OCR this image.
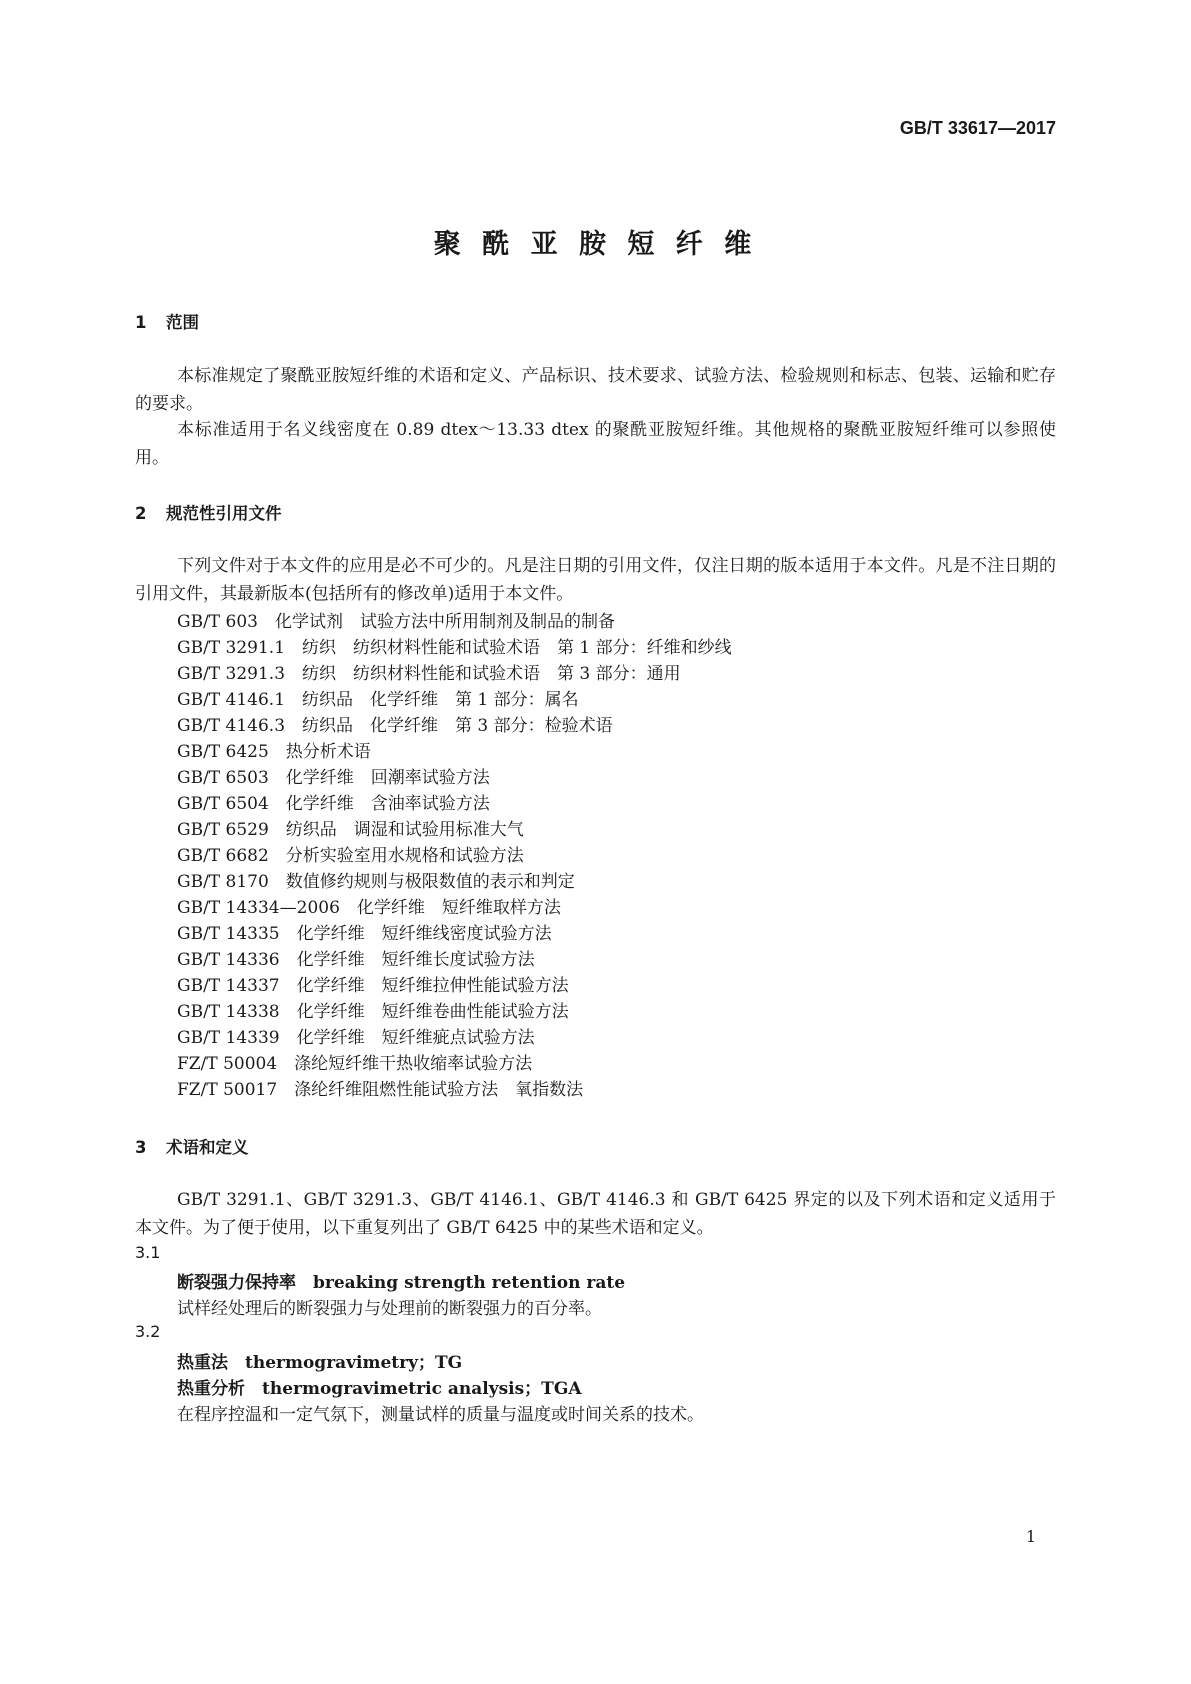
GB/T 33617—2017
聚 酰 亚 胺 短 纤 维
1 范围
本标准规定了聚酰亚胺短纤维的术语和定义、产品标识、技术要求、试验方法、检验规则和标志、包装、运输和贮存的要求。
本标准适用于名义线密度在 0.89 dtex～13.33 dtex 的聚酰亚胺短纤维。其他规格的聚酰亚胺短纤维可以参照使用。
2 规范性引用文件
下列文件对于本文件的应用是必不可少的。凡是注日期的引用文件，仅注日期的版本适用于本文件。凡是不注日期的引用文件，其最新版本(包括所有的修改单)适用于本文件。
GB/T 603　化学试剂　试验方法中所用制剂及制品的制备
GB/T 3291.1　纺织　纺织材料性能和试验术语　第 1 部分：纤维和纱线
GB/T 3291.3　纺织　纺织材料性能和试验术语　第 3 部分：通用
GB/T 4146.1　纺织品　化学纤维　第 1 部分：属名
GB/T 4146.3　纺织品　化学纤维　第 3 部分：检验术语
GB/T 6425　热分析术语
GB/T 6503　化学纤维　回潮率试验方法
GB/T 6504　化学纤维　含油率试验方法
GB/T 6529　纺织品　调湿和试验用标准大气
GB/T 6682　分析实验室用水规格和试验方法
GB/T 8170　数值修约规则与极限数值的表示和判定
GB/T 14334—2006　化学纤维　短纤维取样方法
GB/T 14335　化学纤维　短纤维线密度试验方法
GB/T 14336　化学纤维　短纤维长度试验方法
GB/T 14337　化学纤维　短纤维拉伸性能试验方法
GB/T 14338　化学纤维　短纤维卷曲性能试验方法
GB/T 14339　化学纤维　短纤维疵点试验方法
FZ/T 50004　涤纶短纤维干热收缩率试验方法
FZ/T 50017　涤纶纤维阻燃性能试验方法　氧指数法
3 术语和定义
GB/T 3291.1、GB/T 3291.3、GB/T 4146.1、GB/T 4146.3 和 GB/T 6425 界定的以及下列术语和定义适用于本文件。为了便于使用，以下重复列出了 GB/T 6425 中的某些术语和定义。
3.1
断裂强力保持率　breaking strength retention rate
试样经处理后的断裂强力与处理前的断裂强力的百分率。
3.2
热重法　thermogravimetry；TG
热重分析　thermogravimetric analysis；TGA
在程序控温和一定气氛下，测量试样的质量与温度或时间关系的技术。
1
